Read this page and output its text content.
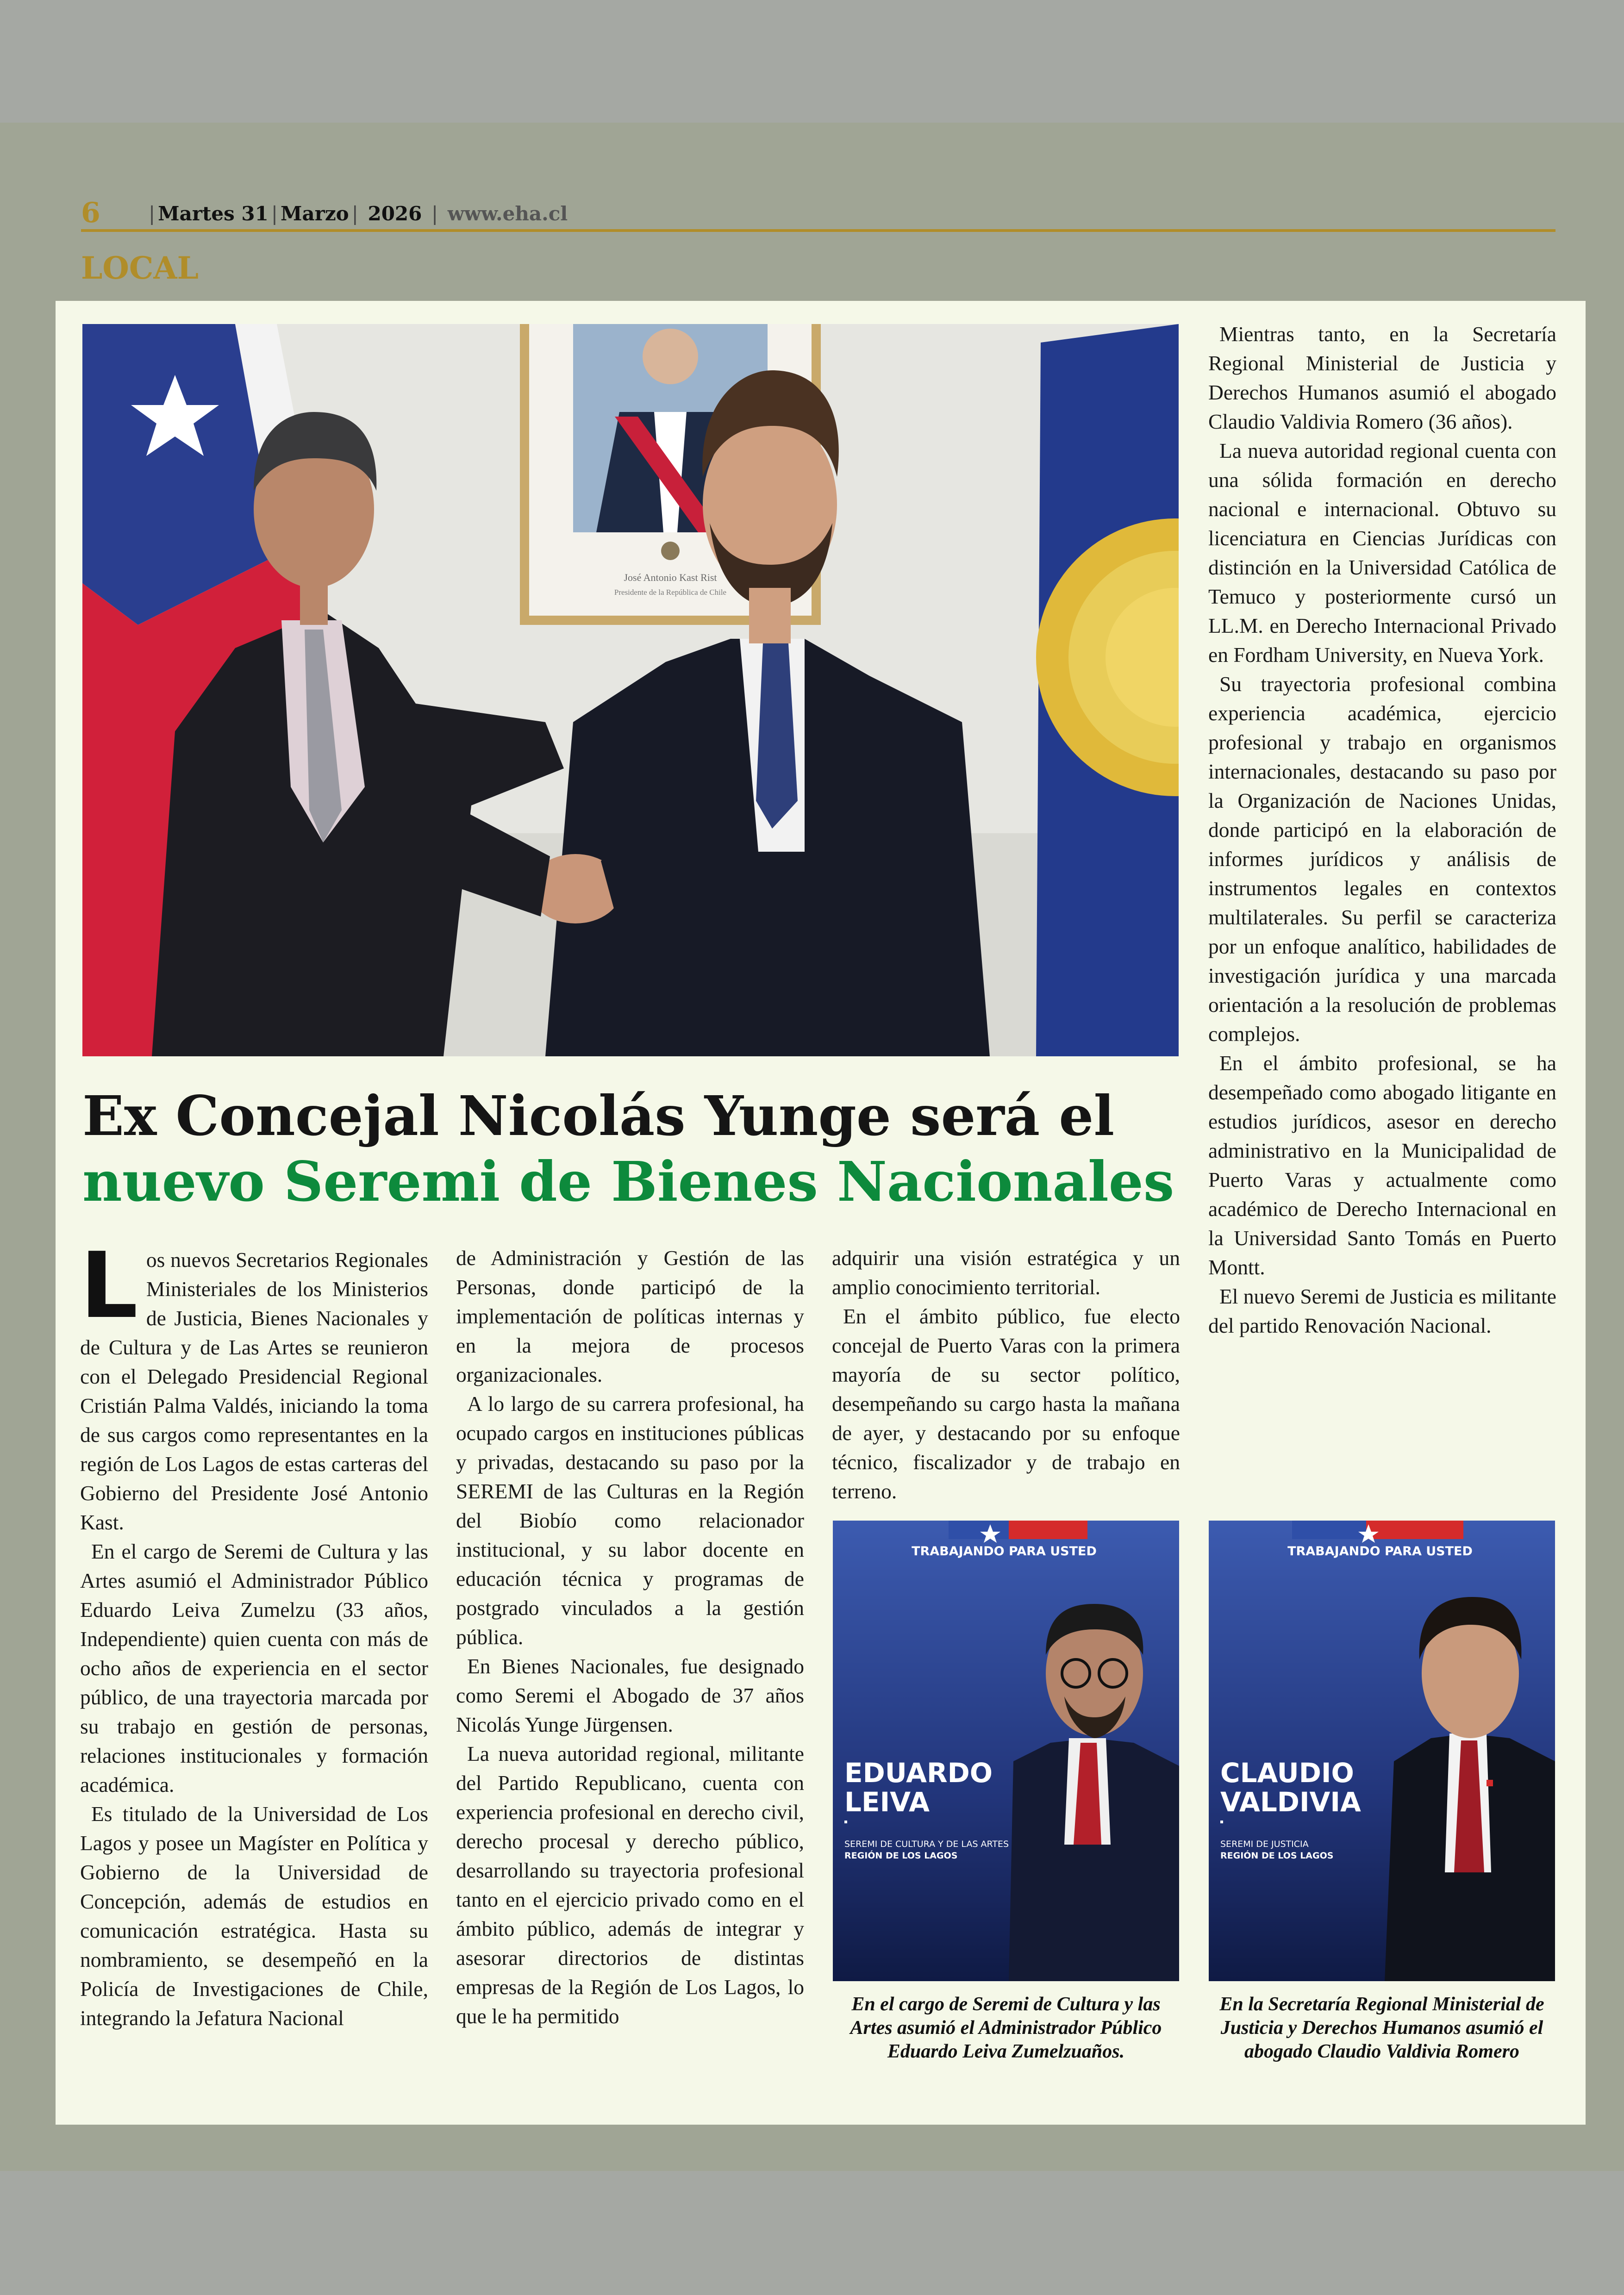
6 | Martes 31 | Marzo | 2026 | www.eha.cl
LOCAL
José Antonio Kast Rist
Presidente de la República de Chile
Ex Concejal Nicolás Yunge será el
nuevo Seremi de Bienes Nacionales

Los nuevos Secretarios Regionales Ministeriales de los Ministerios de Justicia, Bienes Nacionales y de Cultura y de Las Artes se reunieron con el Delegado Presidencial Regional Cristián Palma Valdés, iniciando la toma de sus cargos como representantes en la región de Los Lagos de estas carteras del Gobierno del Presidente José Antonio Kast.

En el cargo de Seremi de Cultura y las Artes asumió el Administrador Público Eduardo Leiva Zumelzu (33 años, Independiente) quien cuenta con más de ocho años de experiencia en el sector público, de una trayectoria marcada por su trabajo en gestión de personas, relaciones institucionales y formación académica.

Es titulado de la Universidad de Los Lagos y posee un Magíster en Política y Gobierno de la Universidad de Concepción, además de estudios en comunicación estratégica. Hasta su nombramiento, se desempeñó en la Policía de Investigaciones de Chile, integrando la Jefatura Nacional

de Administración y Gestión de las Personas, donde participó de la implementación de políticas internas y en la mejora de procesos organizacionales.

A lo largo de su carrera profesional, ha ocupado cargos en instituciones públicas y privadas, destacando su paso por la SEREMI de las Culturas en la Región del Biobío como relacionador institucional, y su labor docente en educación técnica y programas de postgrado vinculados a la gestión pública.

En Bienes Nacionales, fue designado como Seremi el Abogado de 37 años Nicolás Yunge Jürgensen.

La nueva autoridad regional, militante del Partido Republicano, cuenta con experiencia profesional en derecho civil, derecho procesal y derecho público, desarrollando su trayectoria profesional tanto en el ejercicio privado como en el ámbito público, además de integrar y asesorar directorios de distintas empresas de la Región de Los Lagos, lo que le ha permitido

adquirir una visión estratégica y un amplio conocimiento territorial.

En el ámbito público, fue electo concejal de Puerto Varas con la primera mayoría de su sector político, desempeñando su cargo hasta la mañana de ayer, y destacando por su enfoque técnico, fiscalizador y de trabajo en terreno.

Mientras tanto, en la Secretaría Regional Ministerial de Justicia y Derechos Humanos asumió el abogado Claudio Valdivia Romero (36 años).

La nueva autoridad regional cuenta con una sólida formación en derecho nacional e internacional. Obtuvo su licenciatura en Ciencias Jurídicas con distinción en la Universidad Católica de Temuco y posteriormente cursó un LL.M. en Derecho Internacional Privado en Fordham University, en Nueva York.

Su trayectoria profesional combina experiencia académica, ejercicio profesional y trabajo en organismos internacionales, destacando su paso por la Organización de Naciones Unidas, donde participó en la elaboración de informes jurídicos y análisis de instrumentos legales en contextos multilaterales. Su perfil se caracteriza por un enfoque analítico, habilidades de investigación jurídica y una marcada orientación a la resolución de problemas complejos.

En el ámbito profesional, se ha desempeñado como abogado litigante en estudios jurídicos, asesor en derecho administrativo en la Municipalidad de Puerto Varas y actualmente como académico de Derecho Internacional en la Universidad Santo Tomás en Puerto Montt.

El nuevo Seremi de Justicia es militante del partido Renovación Nacional.

TRABAJANDO PARA USTED
EDUARDO
LEIVA
SEREMI DE CULTURA Y DE LAS ARTES
REGIÓN DE LOS LAGOS
TRABAJANDO PARA USTED
CLAUDIO
VALDIVIA
SEREMI DE JUSTICIA
REGIÓN DE LOS LAGOS
En el cargo de Seremi de Cultura y las Artes asumió el Administrador Público Eduardo Leiva Zumelzuaños.
En la Secretaría Regional Ministerial de Justicia y Derechos Humanos asumió el abogado Claudio Valdivia Romero
